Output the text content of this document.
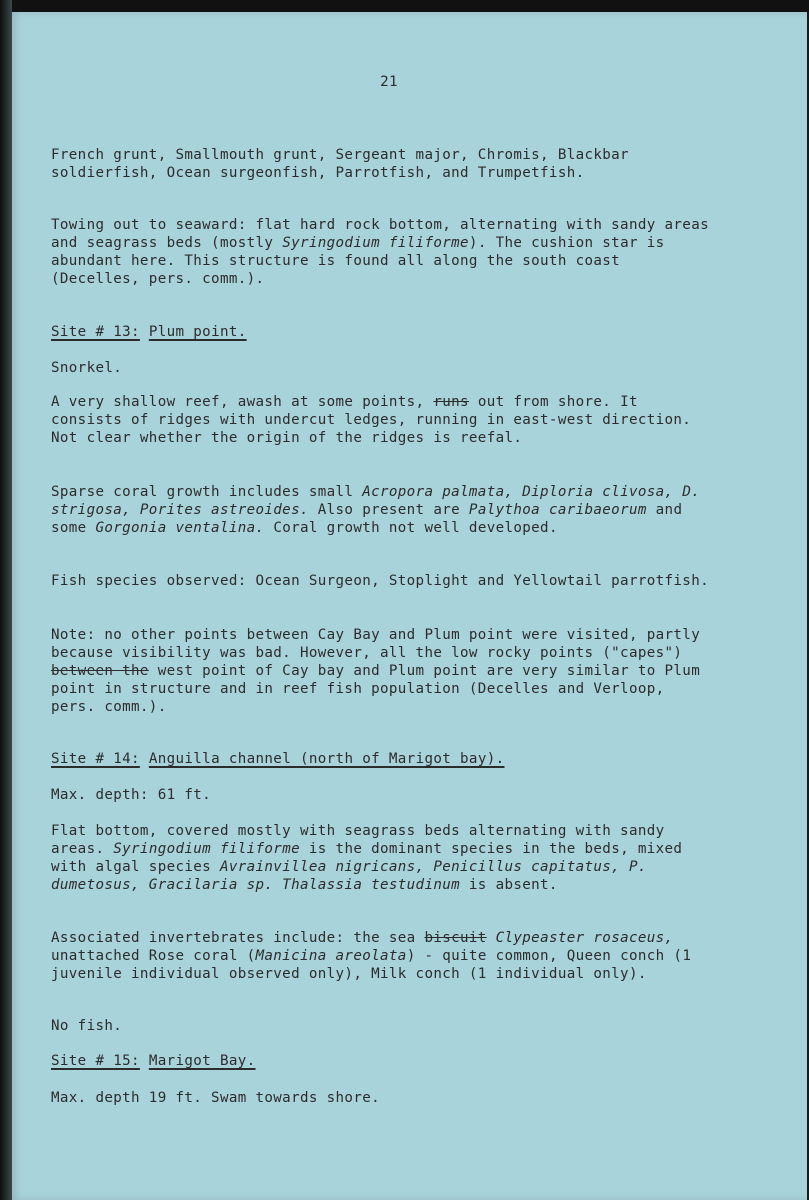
21

French grunt, Smallmouth grunt, Sergeant major, Chromis, Blackbar soldierfish, Ocean surgeonfish, Parrotfish, and Trumpetfish.

Towing out to seaward: flat hard rock bottom, alternating with sandy areas and seagrass beds (mostly Syringodium filiforme). The cushion star is abundant here. This structure is found all along the south coast (Decelles, pers. comm.).

Site # 13: Plum point.

Snorkel.

A very shallow reef, awash at some points, runs out from shore. It consists of ridges with undercut ledges, running in east-west direction. Not clear whether the origin of the ridges is reefal.

Sparse coral growth includes small Acropora palmata, Diploria clivosa, D. strigosa, Porites astreoides. Also present are Palythoa caribaeorum and some Gorgonia ventalina. Coral growth not well developed.

Fish species observed: Ocean Surgeon, Stoplight and Yellowtail parrotfish.

Note: no other points between Cay Bay and Plum point were visited, partly because visibility was bad. However, all the low rocky points ("capes") between the west point of Cay bay and Plum point are very similar to Plum point in structure and in reef fish population (Decelles and Verloop, pers. comm.).

Site # 14: Anguilla channel (north of Marigot bay).

Max. depth: 61 ft.

Flat bottom, covered mostly with seagrass beds alternating with sandy areas. Syringodium filiforme is the dominant species in the beds, mixed with algal species Avrainvillea nigricans, Penicillus capitatus, P. dumetosus, Gracilaria sp. Thalassia testudinum is absent.

Associated invertebrates include: the sea biscuit Clypeaster rosaceus, unattached Rose coral (Manicina areolata) - quite common, Queen conch (1 juvenile individual observed only), Milk conch (1 individual only).

No fish.

Site # 15: Marigot Bay.

Max. depth 19 ft. Swam towards shore.
